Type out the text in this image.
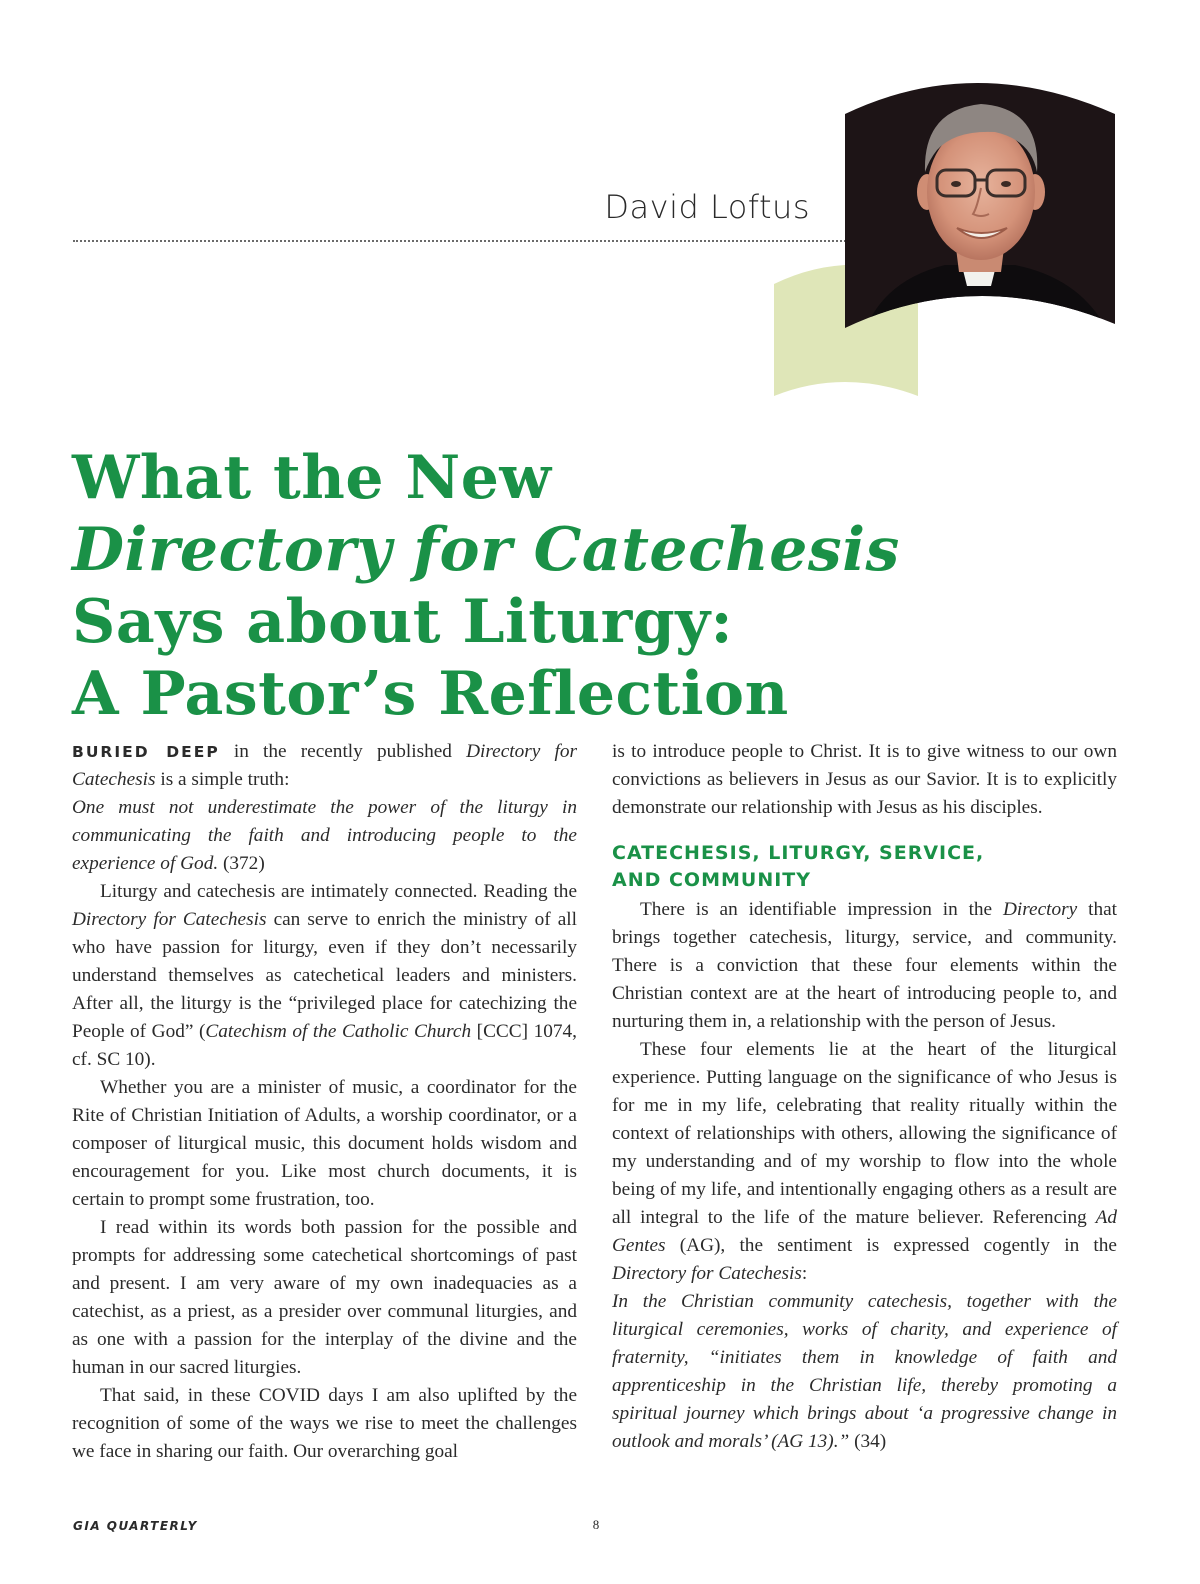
David Loftus
What the New
Directory for Catechesis
Says about Liturgy:
A Pastor’s Reflection

BURIED DEEP in the recently published Directory for Catechesis is a simple truth:

One must not underestimate the power of the liturgy in communicating the faith and introducing people to the experience of God. (372)

Liturgy and catechesis are intimately connected. Reading the Directory for Catechesis can serve to enrich the ministry of all who have passion for liturgy, even if they don’t necessarily understand themselves as catechetical leaders and ministers. After all, the liturgy is the “privileged place for catechizing the People of God” (Catechism of the Catholic Church [CCC] 1074, cf. SC 10).

Whether you are a minister of music, a coordinator for the Rite of Christian Initiation of Adults, a worship coordinator, or a composer of liturgical music, this document holds wisdom and encouragement for you. Like most church documents, it is certain to prompt some frustration, too.

I read within its words both passion for the possible and prompts for addressing some catechetical shortcomings of past and present. I am very aware of my own inadequacies as a catechist, as a priest, as a presider over communal liturgies, and as one with a passion for the interplay of the divine and the human in our sacred liturgies.

That said, in these COVID days I am also uplifted by the recognition of some of the ways we rise to meet the challenges we face in sharing our faith. Our overarching goal

is to introduce people to Christ. It is to give witness to our own convictions as believers in Jesus as our Savior. It is to explicitly demonstrate our relationship with Jesus as his disciples.

CATECHESIS, LITURGY, SERVICE,
AND COMMUNITY

There is an identifiable impression in the Directory that brings together catechesis, liturgy, service, and community. There is a conviction that these four elements within the Christian context are at the heart of introducing people to, and nurturing them in, a relationship with the person of Jesus.

These four elements lie at the heart of the liturgical experience. Putting language on the significance of who Jesus is for me in my life, celebrating that reality ritually within the context of relationships with others, allowing the significance of my understanding and of my worship to flow into the whole being of my life, and intentionally engaging others as a result are all integral to the life of the mature believer. Referencing Ad Gentes (AG), the sentiment is expressed cogently in the Directory for Catechesis:

In the Christian community catechesis, together with the liturgical ceremonies, works of charity, and experience of fraternity, “initiates them in knowledge of faith and apprenticeship in the Christian life, thereby promoting a spiritual journey which brings about ‘a progressive change in outlook and morals’ (AG 13).” (34)

GIA QUARTERLY	8
